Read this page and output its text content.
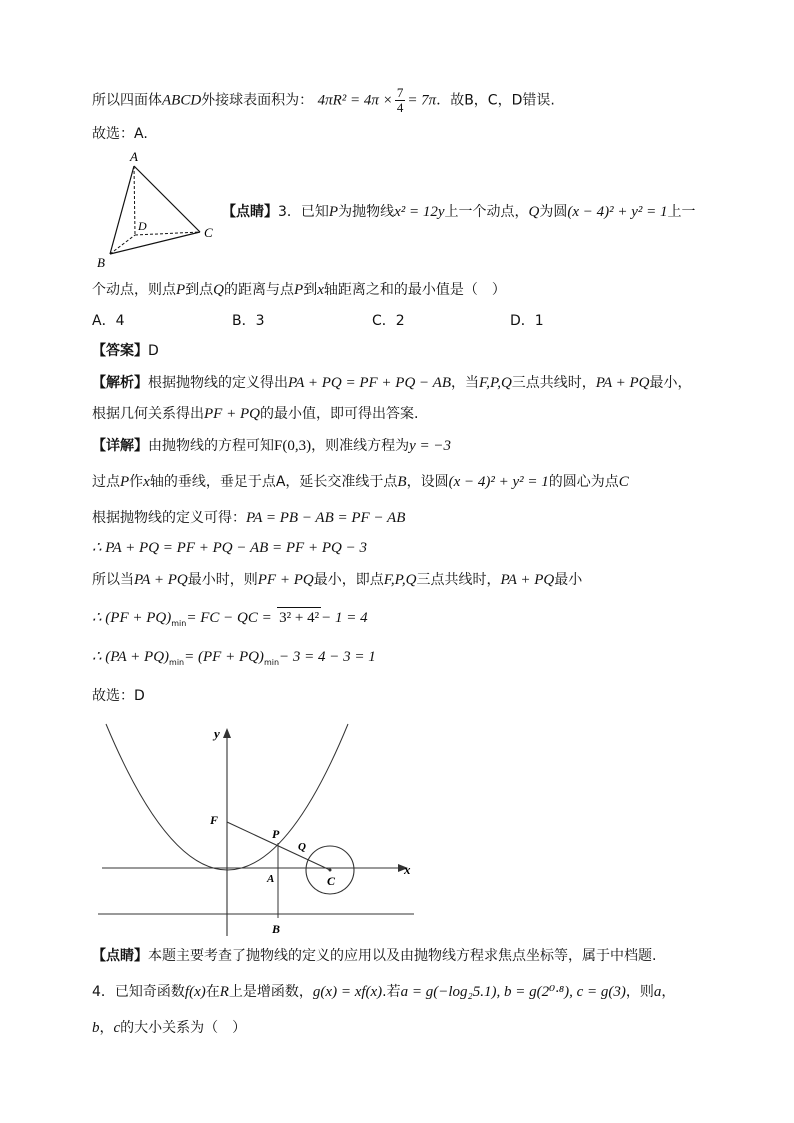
所以四面体ABCD外接球表面积为： $4\pi R^2 = 4\pi \times \frac{7}{4} = 7\pi$．故B，C，D错误.
故选：A.
A
D	C
B
【点睛】3．已知P为抛物线x² = 12y上一个动点，Q为圆(x − 4)² + y² = 1上一
个动点，则点P到点Q的距离与点P到x轴距离之和的最小值是（　）
A．4	B．3	C．2	D．1
【答案】D
【解析】根据抛物线的定义得出PA + PQ = PF + PQ − AB，当F,P,Q三点共线时，PA + PQ最小，
根据几何关系得出PF + PQ的最小值，即可得出答案.
【详解】由抛物线的方程可知F(0,3)，则准线方程为y = −3
过点P作x轴的垂线，垂足于点A，延长交准线于点B，设圆(x − 4)² + y² = 1的圆心为点C
根据抛物线的定义可得：PA = PB − AB = PF − AB
∴ PA + PQ = PF + PQ − AB = PF + PQ − 3
所以当PA + PQ最小时，则PF + PQ最小，即点F,P,Q三点共线时，PA + PQ最小
∴ $(PF + PQ)_{min}=$ FC − QC = 3² + 4² − 1 = 4
∴ $(PA + PQ)_{min}= (PF + PQ)_{min}- 3 = 4 - 3 = 1$
故选：D
y
x
F
P
Q
A	C
B
【点睛】本题主要考查了抛物线的定义的应用以及由抛物线方程求焦点坐标等，属于中档题.
4．已知奇函数f(x)在R上是增函数，g(x) = xf(x).若a = g(−log₂5.1), b = g(2⁰·⁸), c = g(3)，则a，
b，c的大小关系为（　）
